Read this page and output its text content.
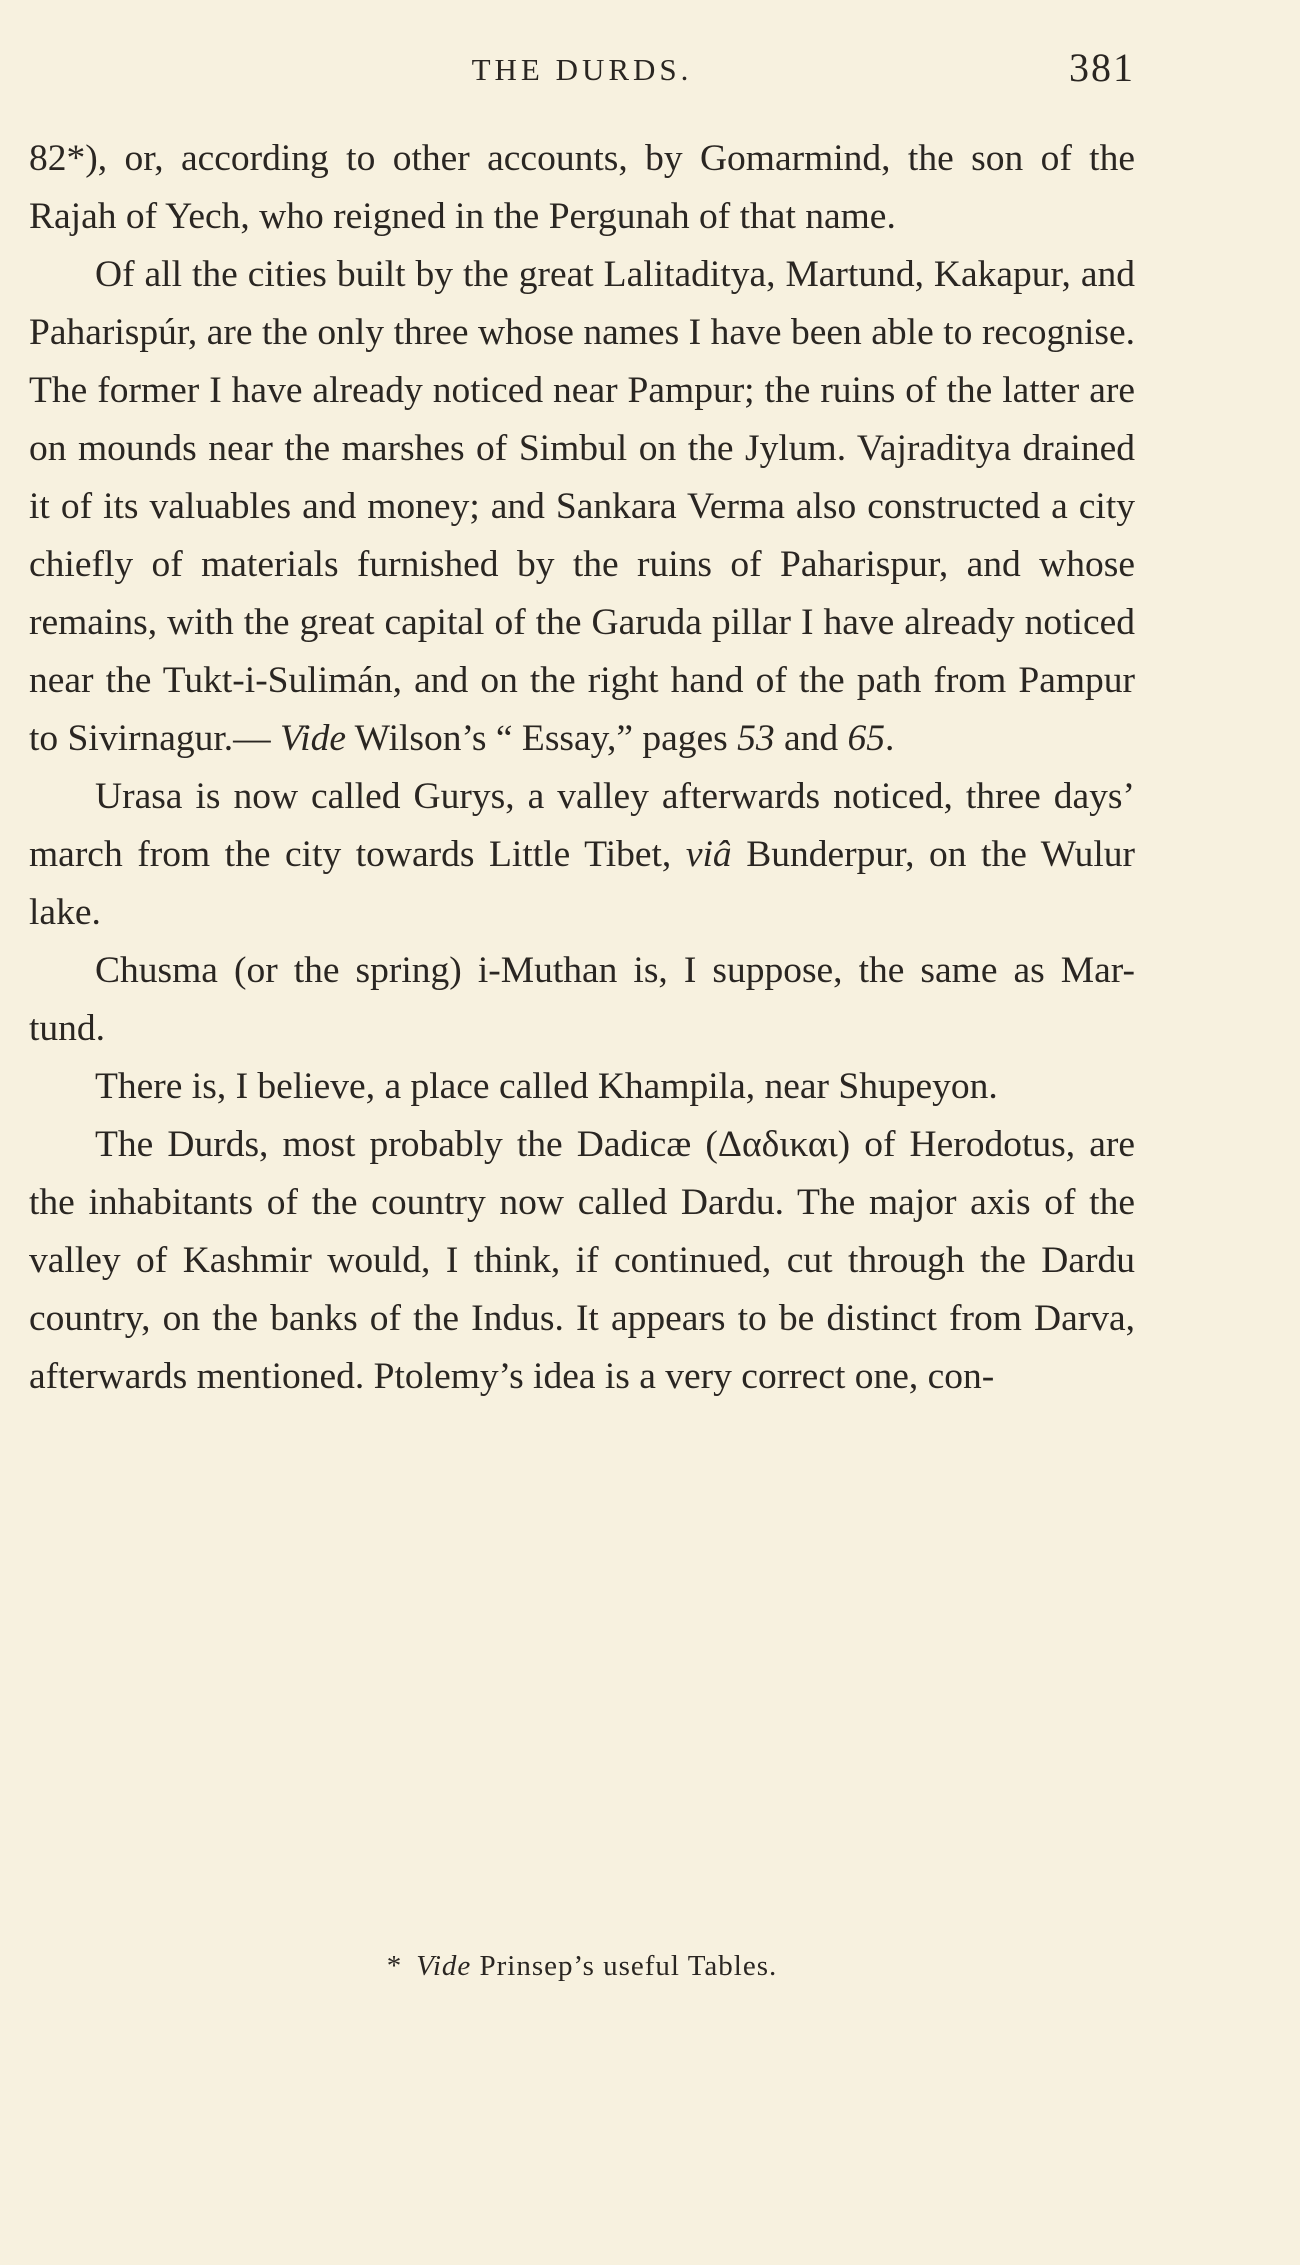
THE DURDS.	381

82*), or, according to other accounts, by Gomarmind, the son of the Rajah of Yech, who reigned in the Pergunah of that name.

Of all the cities built by the great Lalitaditya, Martund, Kakapur, and Paharispúr, are the only three whose names I have been able to recognise. The former I have already noticed near Pampur; the ruins of the latter are on mounds near the marshes of Simbul on the Jylum. Vajraditya drained it of its valuables and money; and Sankara Verma also constructed a city chiefly of materials furnished by the ruins of Paharispur, and whose remains, with the great capital of the Garuda pillar I have already noticed near the Tukt-i-Sulimán, and on the right hand of the path from Pampur to Sivirnagur.— Vide Wilson’s “ Essay,” pages 53 and 65.

Urasa is now called Gurys, a valley afterwards noticed, three days’ march from the city towards Little Tibet, viâ Bunderpur, on the Wulur lake.

Chusma (or the spring) i-Muthan is, I suppose, the same as Mar-tund.

There is, I believe, a place called Khampila, near Shupeyon.

The Durds, most probably the Dadicæ (Δαδικαι) of Herodotus, are the inhabitants of the country now called Dardu. The major axis of the valley of Kashmir would, I think, if continued, cut through the Dardu country, on the banks of the Indus. It appears to be distinct from Darva, afterwards mentioned. Ptolemy’s idea is a very correct one, con-

* Vide Prinsep’s useful Tables.
